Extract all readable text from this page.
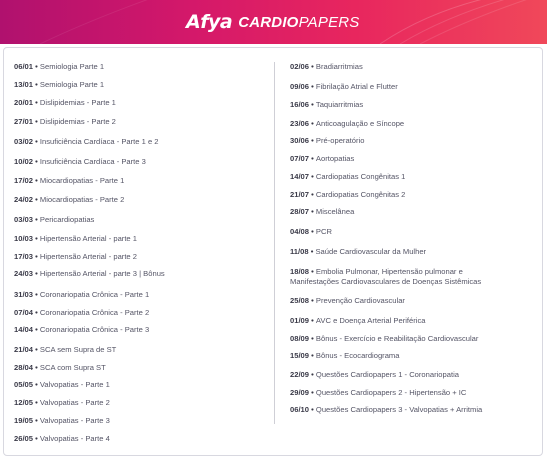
Afya CARDIO PAPERS
06/01 • Semiologia Parte 1
13/01 • Semiologia Parte 1
20/01 • Dislipidemias - Parte 1
27/01 • Dislipidemias - Parte 2
03/02 • Insuficiência Cardíaca - Parte 1 e 2
10/02 • Insuficiência Cardíaca - Parte 3
17/02 • Miocardiopatias - Parte 1
24/02 • Miocardiopatias - Parte 2
03/03 • Pericardiopatias
10/03 • Hipertensão Arterial - parte 1
17/03 • Hipertensão Arterial - parte 2
24/03 • Hipertensão Arterial - parte 3 | Bônus
31/03 • Coronariopatia Crônica - Parte 1
07/04 • Coronariopatia Crônica - Parte 2
14/04 • Coronariopatia Crônica - Parte 3
21/04 • SCA sem Supra de ST
28/04 • SCA com Supra ST
05/05 • Valvopatias - Parte 1
12/05 • Valvopatias - Parte 2
19/05 • Valvopatias - Parte 3
26/05 • Valvopatias - Parte 4
02/06 • Bradiarritmias
09/06 • Fibrilação Atrial e Flutter
16/06 • Taquiarritmias
23/06 • Anticoagulação e Síncope
30/06 • Pré-operatório
07/07 • Aortopatias
14/07 • Cardiopatias Congênitas 1
21/07 • Cardiopatias Congênitas 2
28/07 • Miscelânea
04/08 • PCR
11/08 • Saúde Cardiovascular da Mulher
18/08 • Embolia Pulmonar, Hipertensão pulmonar e
Manifestações Cardiovasculares de Doenças Sistêmicas
25/08 • Prevenção Cardiovascular
01/09 • AVC e Doença Arterial Periférica
08/09 • Bônus - Exercício e Reabilitação Cardiovascular
15/09 • Bônus - Ecocardiograma
22/09 • Questões Cardiopapers 1 - Coronariopatia
29/09 • Questões Cardiopapers 2 - Hipertensão + IC
06/10 • Questões Cardiopapers 3 - Valvopatias + Arritmia
